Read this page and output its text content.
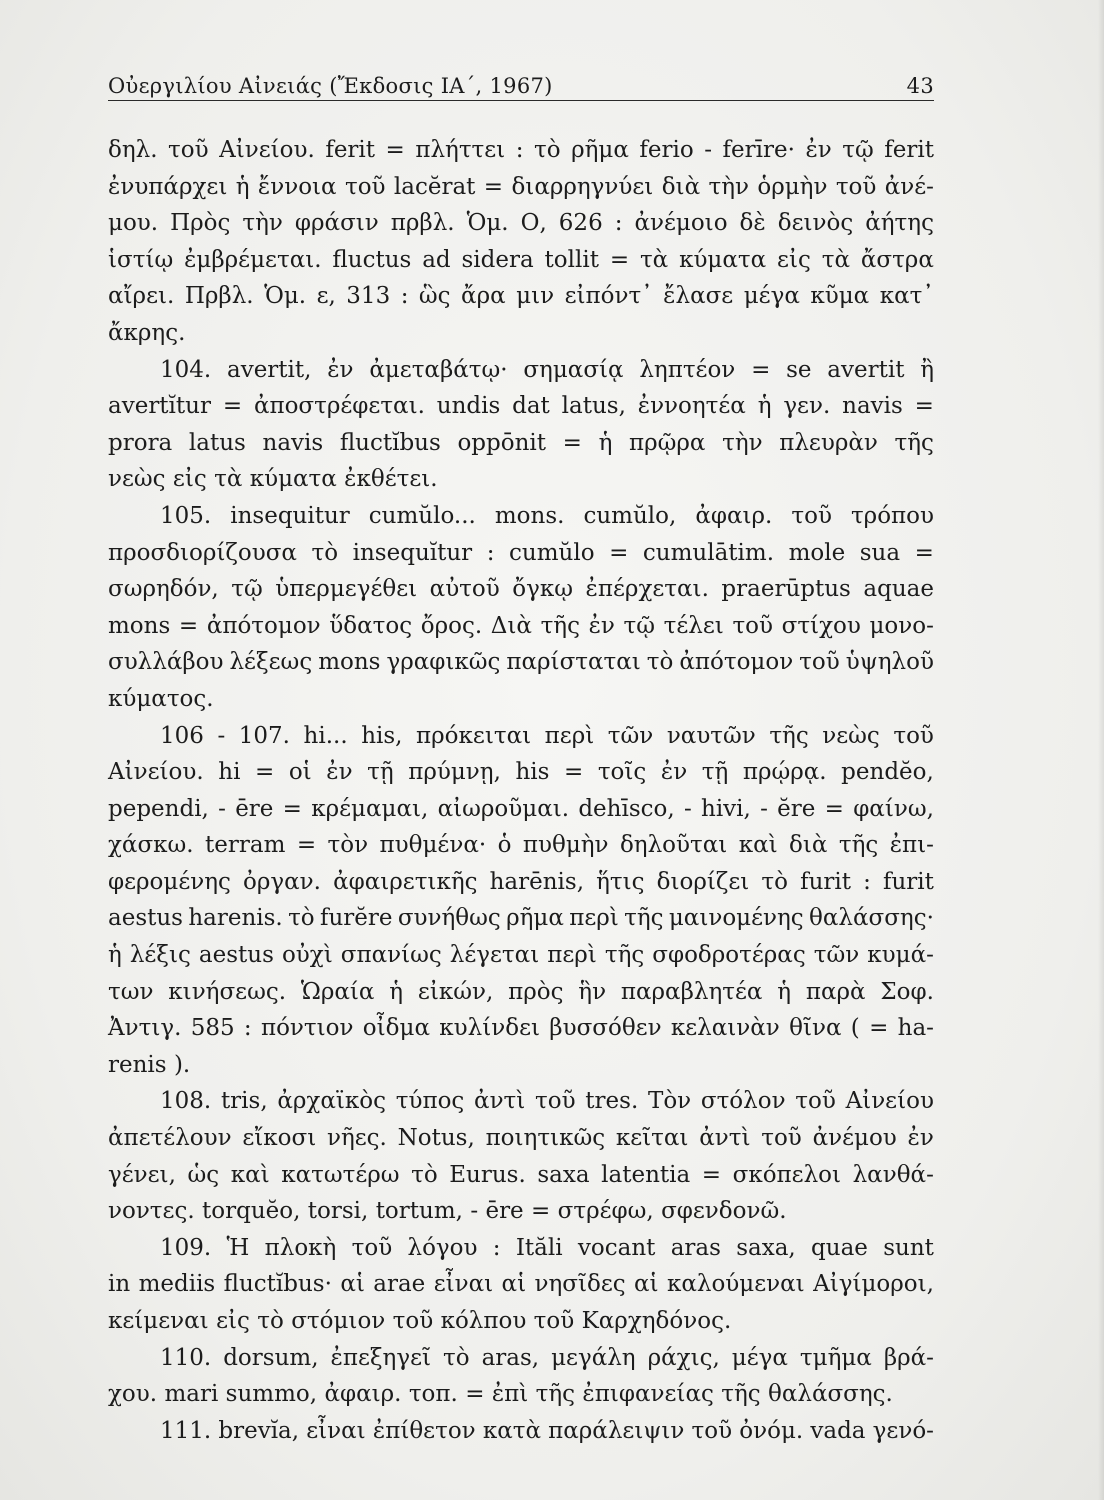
Οὐεργιλίου Αἰνειάς (Ἔκδοσις ΙΑ΄, 1967)	43
δηλ. τοῦ Αἰνείου. ferit = πλήττει : τὸ ρῆμα ferio - ferīre· ἐν τῷ ferit
ἐνυπάρχει ἡ ἔννοια τοῦ lacĕrat = διαρρηγνύει διὰ τὴν ὁρμὴν τοῦ ἀνέ-
μου. Πρὸς τὴν φράσιν πρβλ. Ὁμ. Ο, 626 : ἀνέμοιο δὲ δεινὸς ἀήτης
ἱστίῳ ἐμβρέμεται. fluctus ad sidera tollit = τὰ κύματα εἰς τὰ ἄστρα
αἴρει. Πρβλ. Ὁμ. ε, 313 : ὣς ἄρα μιν εἰπόντ᾽ ἔλασε μέγα κῦμα κατ᾽
ἄκρης.
104. avertit, ἐν ἀμεταβάτῳ· σημασίᾳ ληπτέον = se avertit ἢ
avertĭtur = ἀποστρέφεται. undis dat latus, ἐννοητέα ἡ γεν. navis =
prora latus navis fluctĭbus oppōnit = ἡ πρῷρα τὴν πλευρὰν τῆς
νεὼς εἰς τὰ κύματα ἐκθέτει.
105. insequitur cumŭlo... mons. cumŭlo, ἀφαιρ. τοῦ τρόπου
προσδιορίζουσα τὸ insequĭtur : cumŭlo = cumulātim. mole sua =
σωρηδόν, τῷ ὑπερμεγέθει αὐτοῦ ὄγκῳ ἐπέρχεται. praerūptus aquae
mons = ἀπότομον ὕδατος ὄρος. Διὰ τῆς ἐν τῷ τέλει τοῦ στίχου μονο-
συλλάβου λέξεως mons γραφικῶς παρίσταται τὸ ἀπότομον τοῦ ὑψηλοῦ
κύματος.
106 - 107. hi... his, πρόκειται περὶ τῶν ναυτῶν τῆς νεὼς τοῦ
Αἰνείου. hi = οἱ ἐν τῇ πρύμνῃ, his = τοῖς ἐν τῇ πρῴρᾳ. pendĕo,
pependi, - ēre = κρέμαμαι, αἰωροῦμαι. dehīsco, - hivi, - ĕre = φαίνω,
χάσκω. terram = τὸν πυθμένα· ὁ πυθμὴν δηλοῦται καὶ διὰ τῆς ἐπι-
φερομένης ὀργαν. ἀφαιρετικῆς harēnis, ἥτις διορίζει τὸ furit : furit
aestus harenis. τὸ furĕre συνήθως ρῆμα περὶ τῆς μαινομένης θαλάσσης·
ἡ λέξις aestus οὐχὶ σπανίως λέγεται περὶ τῆς σφοδροτέρας τῶν κυμά-
των κινήσεως. Ὡραία ἡ εἰκών, πρὸς ἣν παραβλητέα ἡ παρὰ Σοφ.
Ἀντιγ. 585 : πόντιον οἶδμα κυλίνδει βυσσόθεν κελαινὰν θῖνα ( = ha-
renis ).
108. tris, ἀρχαϊκὸς τύπος ἀντὶ τοῦ tres. Τὸν στόλον τοῦ Αἰνείου
ἀπετέλουν εἴκοσι νῆες. Notus, ποιητικῶς κεῖται ἀντὶ τοῦ ἀνέμου ἐν
γένει, ὡς καὶ κατωτέρω τὸ Eurus. saxa latentia = σκόπελοι λανθά-
νοντες. torquĕo, torsi, tortum, - ēre = στρέφω, σφενδονῶ.
109. Ἡ πλοκὴ τοῦ λόγου : Ităli vocant aras saxa, quae sunt
in mediis fluctĭbus· αἱ arae εἶναι αἱ νησῖδες αἱ καλούμεναι Αἰγίμοροι,
κείμεναι εἰς τὸ στόμιον τοῦ κόλπου τοῦ Καρχηδόνος.
110. dorsum, ἐπεξηγεῖ τὸ aras, μεγάλη ράχις, μέγα τμῆμα βρά-
χου. mari summo, ἀφαιρ. τοπ. = ἐπὶ τῆς ἐπιφανείας τῆς θαλάσσης.
111. brevĭa, εἶναι ἐπίθετον κατὰ παράλειψιν τοῦ ὀνόμ. vada γενό-
